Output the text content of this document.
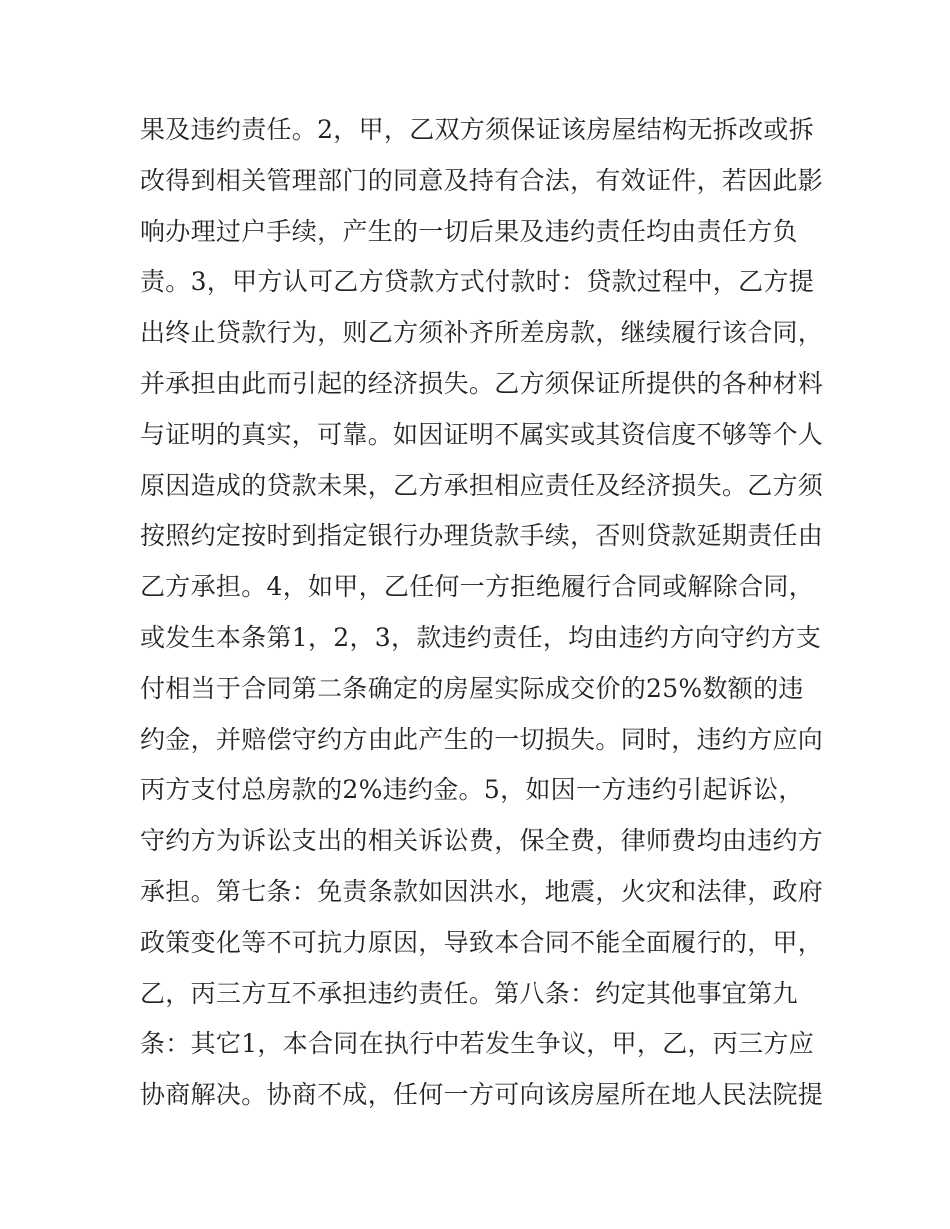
果及违约责任。2，甲，乙双方须保证该房屋结构无拆改或拆
改得到相关管理部门的同意及持有合法，有效证件，若因此影
响办理过户手续，产生的一切后果及违约责任均由责任方负
责。3，甲方认可乙方贷款方式付款时：贷款过程中，乙方提
出终止贷款行为，则乙方须补齐所差房款，继续履行该合同，
并承担由此而引起的经济损失。乙方须保证所提供的各种材料
与证明的真实，可靠。如因证明不属实或其资信度不够等个人
原因造成的贷款未果，乙方承担相应责任及经济损失。乙方须
按照约定按时到指定银行办理货款手续，否则贷款延期责任由
乙方承担。4，如甲，乙任何一方拒绝履行合同或解除合同，
或发生本条第1，2，3，款违约责任，均由违约方向守约方支
付相当于合同第二条确定的房屋实际成交价的25%数额的违
约金，并赔偿守约方由此产生的一切损失。同时，违约方应向
丙方支付总房款的2%违约金。5，如因一方违约引起诉讼，
守约方为诉讼支出的相关诉讼费，保全费，律师费均由违约方
承担。第七条：免责条款如因洪水，地震，火灾和法律，政府
政策变化等不可抗力原因，导致本合同不能全面履行的，甲，
乙，丙三方互不承担违约责任。第八条：约定其他事宜第九
条：其它1，本合同在执行中若发生争议，甲，乙，丙三方应
协商解决。协商不成，任何一方可向该房屋所在地人民法院提
